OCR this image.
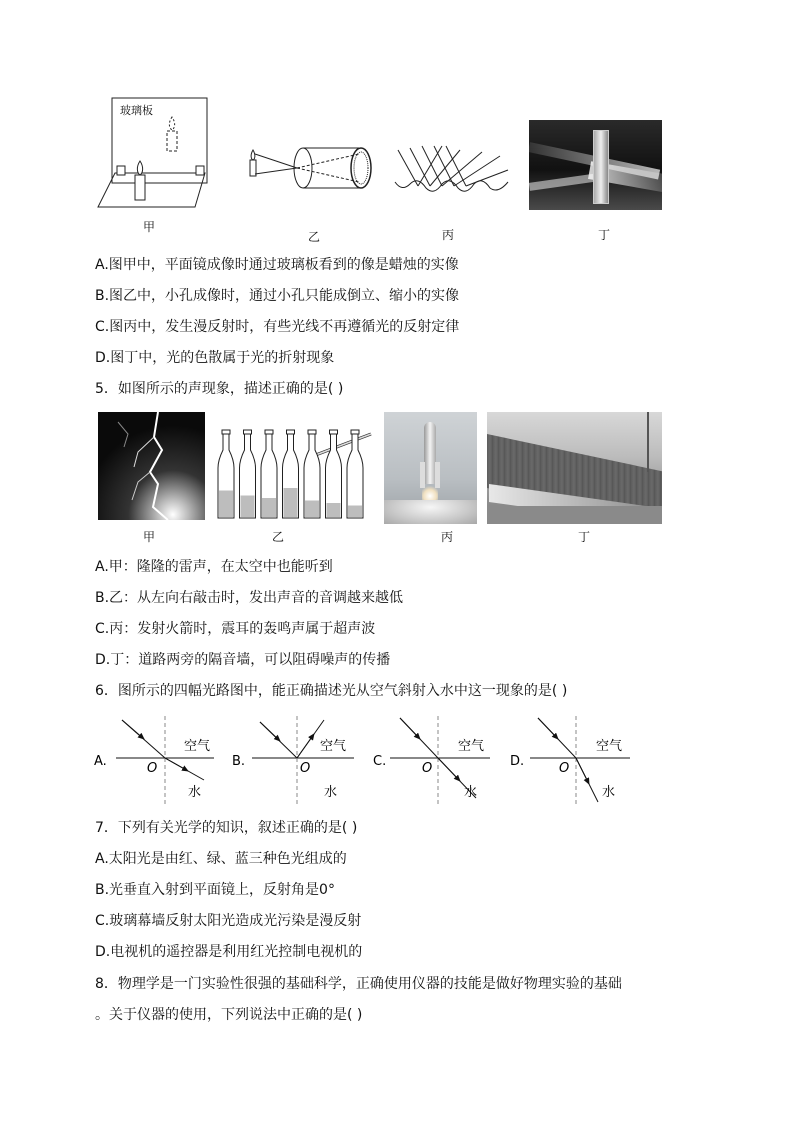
玻璃板
甲
乙	丙	丁
A.图甲中，平面镜成像时通过玻璃板看到的像是蜡烛的实像
B.图乙中，小孔成像时，通过小孔只能成倒立、缩小的实像
C.图丙中，发生漫反射时，有些光线不再遵循光的反射定律
D.图丁中，光的色散属于光的折射现象
5．如图所示的声现象，描述正确的是( )
甲	乙	丙	丁
A.甲：隆隆的雷声，在太空中也能听到
B.乙：从左向右敲击时，发出声音的音调越来越低
C.丙：发射火箭时，震耳的轰鸣声属于超声波
D.丁：道路两旁的隔音墙，可以阻碍噪声的传播
6．图所示的四幅光路图中，能正确描述光从空气斜射入水中这一现象的是( )
A.
空气
O
水
B.
空气
O
水
C.
空气
O
水
D.
空气
O
水
7．下列有关光学的知识，叙述正确的是( )
A.太阳光是由红、绿、蓝三种色光组成的
B.光垂直入射到平面镜上，反射角是0°
C.玻璃幕墙反射太阳光造成光污染是漫反射
D.电视机的遥控器是利用红光控制电视机的
8．物理学是一门实验性很强的基础科学，正确使用仪器的技能是做好物理实验的基础
。关于仪器的使用，下列说法中正确的是( )
